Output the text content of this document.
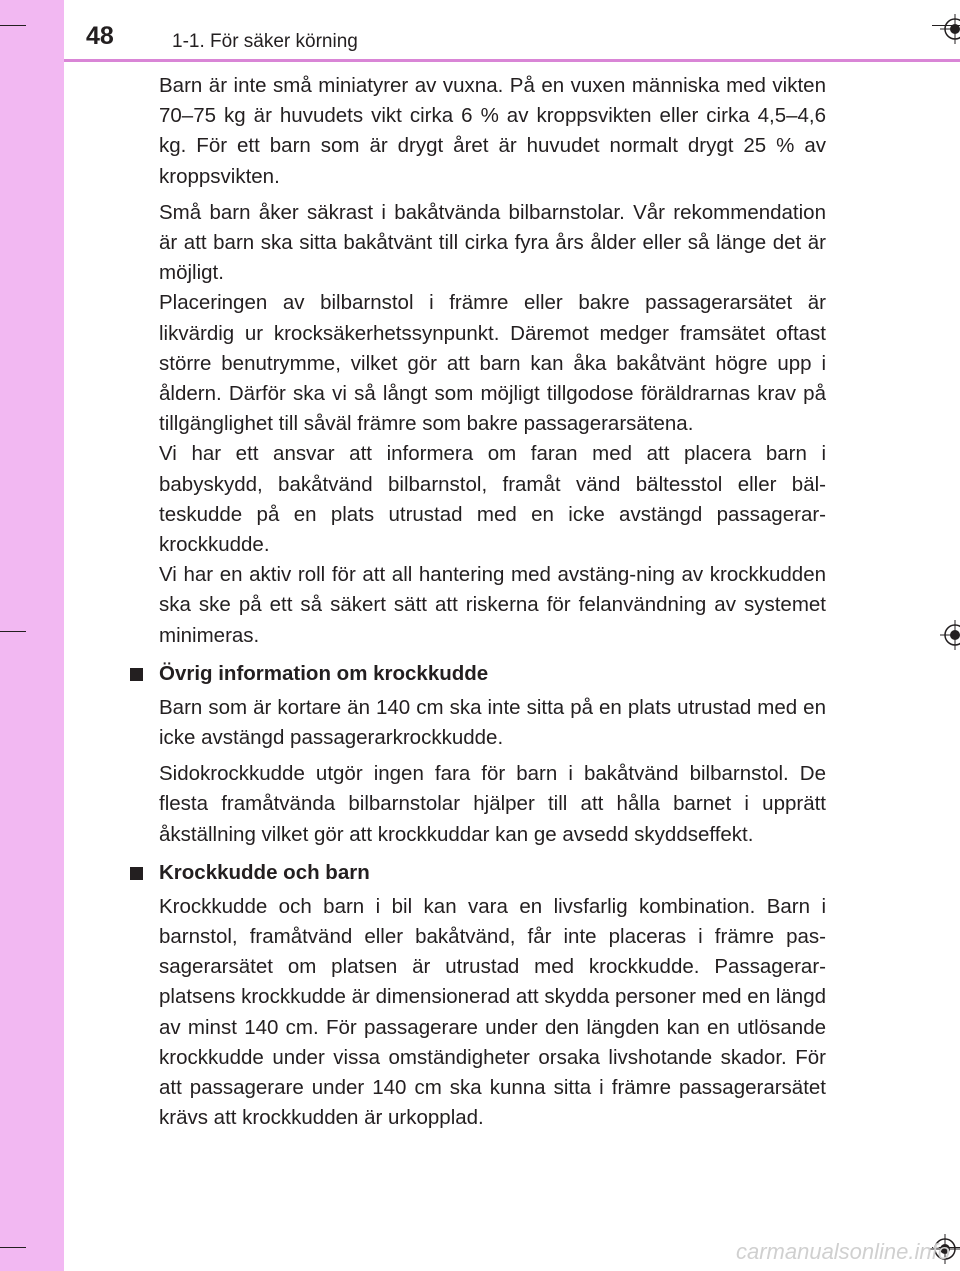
48	1-1. För säker körning

Barn är inte små miniatyrer av vuxna. På en vuxen människa med vikten 70–75 kg är huvudets vikt cirka 6 % av kroppsvikten eller cirka 4,5–4,6 kg. För ett barn som är drygt året är huvudet normalt drygt 25 % av kroppsvikten.

Små barn åker säkrast i bakåtvända bilbarnstolar. Vår rekommendation är att barn ska sitta bakåtvänt till cirka fyra års ålder eller så länge det är möjligt.

Placeringen av bilbarnstol i främre eller bakre passagerarsätet är likvärdig ur krocksäkerhetssynpunkt. Däremot medger framsätet oftast större benutrymme, vilket gör att barn kan åka bakåtvänt högre upp i åldern. Därför ska vi så långt som möjligt tillgodose föräldrarnas krav på tillgänglighet till såväl främre som bakre passagerarsätena.

Vi har ett ansvar att informera om faran med att placera barn i babyskydd, bakåtvänd bilbarnstol, framåt vänd bältesstol eller bälteskudde på en plats utrustad med en icke avstängd passagerarkrockkudde.

Vi har en aktiv roll för att all hantering med avstäng-ning av krockkudden ska ske på ett så säkert sätt att riskerna för felanvändning av systemet minimeras.

Övrig information om krockkudde

Barn som är kortare än 140 cm ska inte sitta på en plats utrustad med en icke avstängd passagerarkrockkudde.

Sidokrockkudde utgör ingen fara för barn i bakåtvänd bilbarnstol. De flesta framåtvända bilbarnstolar hjälper till att hålla barnet i upprätt åkställning vilket gör att krockkuddar kan ge avsedd skyddseffekt.

Krockkudde och barn

Krockkudde och barn i bil kan vara en livsfarlig kombination. Barn i barnstol, framåtvänd eller bakåtvänd, får inte placeras i främre passagerarsätet om platsen är utrustad med krockkudde. Passagerarplatsens krockkudde är dimensionerad att skydda personer med en längd av minst 140 cm. För passagerare under den längden kan en utlösande krockkudde under vissa omständigheter orsaka livshotande skador. För att passagerare under 140 cm ska kunna sitta i främre passagerarsätet krävs att krockkudden är urkopplad.

carmanualsonline.info
